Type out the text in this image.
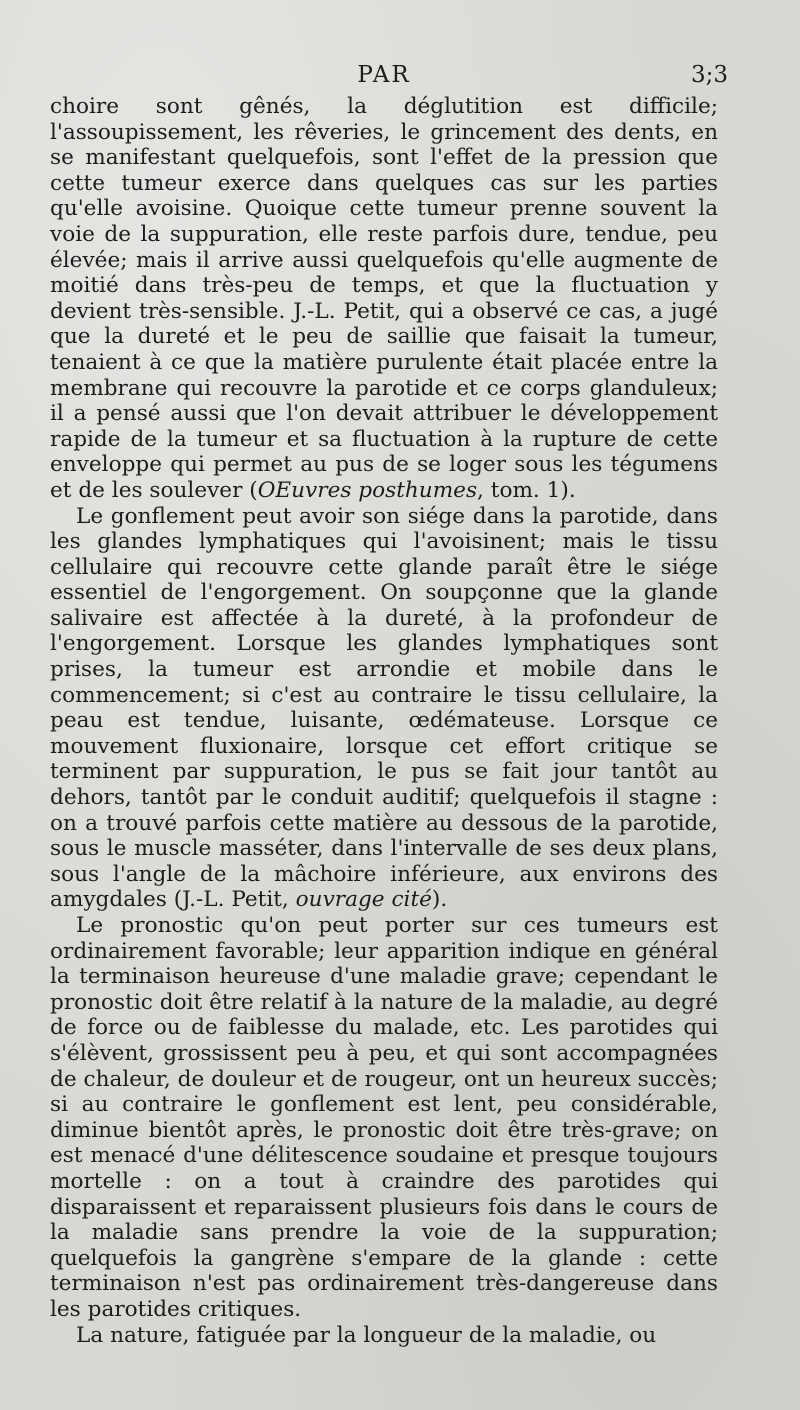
PAR	3;3

choire sont gênés, la déglutition est difficile; l'assoupissement, les rêveries, le grincement des dents, en se manifestant quelquefois, sont l'effet de la pression que cette tumeur exerce dans quelques cas sur les parties qu'elle avoisine. Quoique cette tumeur prenne souvent la voie de la suppuration, elle reste parfois dure, tendue, peu élevée; mais il arrive aussi quelquefois qu'elle augmente de moitié dans très-peu de temps, et que la fluctuation y devient très-sensible. J.-L. Petit, qui a observé ce cas, a jugé que la dureté et le peu de saillie que faisait la tumeur, tenaient à ce que la matière purulente était placée entre la membrane qui recouvre la parotide et ce corps glanduleux; il a pensé aussi que l'on devait attribuer le développement rapide de la tumeur et sa fluctuation à la rupture de cette enveloppe qui permet au pus de se loger sous les tégumens et de les soulever (OEuvres posthumes, tom. 1).

Le gonflement peut avoir son siége dans la parotide, dans les glandes lymphatiques qui l'avoisinent; mais le tissu cellulaire qui recouvre cette glande paraît être le siége essentiel de l'engorgement. On soupçonne que la glande salivaire est affectée à la dureté, à la profondeur de l'engorgement. Lorsque les glandes lymphatiques sont prises, la tumeur est arrondie et mobile dans le commencement; si c'est au contraire le tissu cellulaire, la peau est tendue, luisante, œdémateuse. Lorsque ce mouvement fluxionaire, lorsque cet effort critique se terminent par suppuration, le pus se fait jour tantôt au dehors, tantôt par le conduit auditif; quelquefois il stagne : on a trouvé parfois cette matière au dessous de la parotide, sous le muscle masséter, dans l'intervalle de ses deux plans, sous l'angle de la mâchoire inférieure, aux environs des amygdales (J.-L. Petit, ouvrage cité).

Le pronostic qu'on peut porter sur ces tumeurs est ordinairement favorable; leur apparition indique en général la terminaison heureuse d'une maladie grave; cependant le pronostic doit être relatif à la nature de la maladie, au degré de force ou de faiblesse du malade, etc. Les parotides qui s'élèvent, grossissent peu à peu, et qui sont accompagnées de chaleur, de douleur et de rougeur, ont un heureux succès; si au contraire le gonflement est lent, peu considérable, diminue bientôt après, le pronostic doit être très-grave; on est menacé d'une délitescence soudaine et presque toujours mortelle : on a tout à craindre des parotides qui disparaissent et reparaissent plusieurs fois dans le cours de la maladie sans prendre la voie de la suppuration; quelquefois la gangrène s'empare de la glande : cette terminaison n'est pas ordinairement très-dangereuse dans les parotides critiques.

La nature, fatiguée par la longueur de la maladie, ou
